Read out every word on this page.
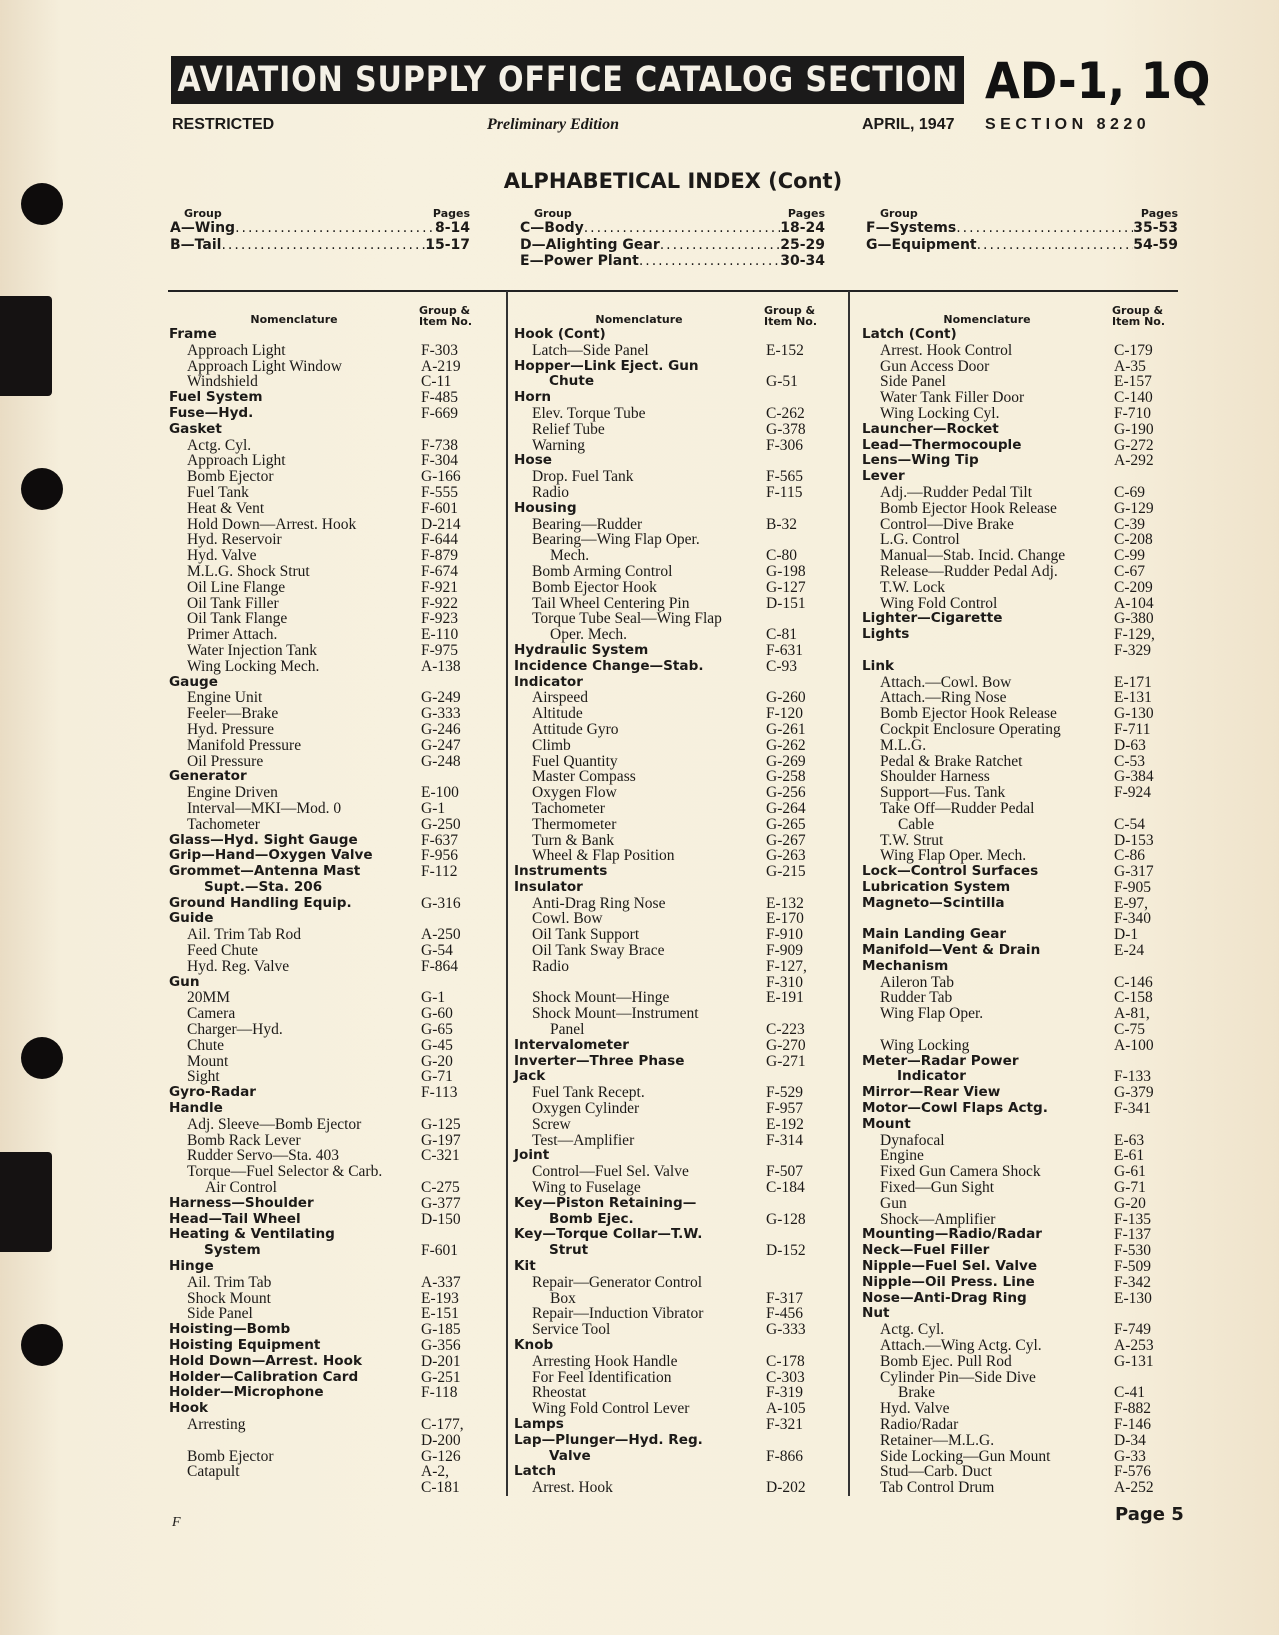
AVIATION SUPPLY OFFICE CATALOG SECTION AD-1, 1Q
RESTRICTED	Preliminary Edition	APRIL, 1947 SECTION 8220
ALPHABETICAL INDEX (Cont)
Group	Pages
A—Wing .....	8-14
B—Tail .....	15-17
Group	Pages
C—Body .....	18-24
D—Alighting Gear .....	25-29
E—Power Plant .....	30-34
Group	Pages
F—Systems .....	35-53
G—Equipment .....	54-59
Nomenclature
Group &
Item No.
Frame
Approach Light	F-303
Approach Light Window	A-219
Windshield	C-11
Fuel System	F-485
Fuse—Hyd.	F-669
Gasket
Actg. Cyl.	F-738
Approach Light	F-304
Bomb Ejector	G-166
Fuel Tank	F-555
Heat & Vent	F-601
Hold Down—Arrest. Hook	D-214
Hyd. Reservoir	F-644
Hyd. Valve	F-879
M.L.G. Shock Strut	F-674
Oil Line Flange	F-921
Oil Tank Filler	F-922
Oil Tank Flange	F-923
Primer Attach.	E-110
Water Injection Tank	F-975
Wing Locking Mech.	A-138
Gauge
Engine Unit	G-249
Feeler—Brake	G-333
Hyd. Pressure	G-246
Manifold Pressure	G-247
Oil Pressure	G-248
Generator
Engine Driven	E-100
Interval—MKI—Mod. 0	G-1
Tachometer	G-250
Glass—Hyd. Sight Gauge	F-637
Grip—Hand—Oxygen Valve	F-956
Grommet—Antenna Mast	F-112
Supt.—Sta. 206
Ground Handling Equip.	G-316
Guide
Ail. Trim Tab Rod	A-250
Feed Chute	G-54
Hyd. Reg. Valve	F-864
Gun
20MM	G-1
Camera	G-60
Charger—Hyd.	G-65
Chute	G-45
Mount	G-20
Sight	G-71
Gyro-Radar	F-113
Handle
Adj. Sleeve—Bomb Ejector	G-125
Bomb Rack Lever	G-197
Rudder Servo—Sta. 403	C-321
Torque—Fuel Selector & Carb.
Air Control	C-275
Harness—Shoulder	G-377
Head—Tail Wheel	D-150
Heating & Ventilating
System	F-601
Hinge
Ail. Trim Tab	A-337
Shock Mount	E-193
Side Panel	E-151
Hoisting—Bomb	G-185
Hoisting Equipment	G-356
Hold Down—Arrest. Hook	D-201
Holder—Calibration Card	G-251
Holder—Microphone	F-118
Hook
Arresting	C-177,
D-200
Bomb Ejector	G-126
Catapult	A-2,
C-181
Nomenclature
Group &
Item No.
Hook (Cont)
Latch—Side Panel	E-152
Hopper—Link Eject. Gun
Chute	G-51
Horn
Elev. Torque Tube	C-262
Relief Tube	G-378
Warning	F-306
Hose
Drop. Fuel Tank	F-565
Radio	F-115
Housing
Bearing—Rudder	B-32
Bearing—Wing Flap Oper.
Mech.	C-80
Bomb Arming Control	G-198
Bomb Ejector Hook	G-127
Tail Wheel Centering Pin	D-151
Torque Tube Seal—Wing Flap
Oper. Mech.	C-81
Hydraulic System	F-631
Incidence Change—Stab.	C-93
Indicator
Airspeed	G-260
Altitude	F-120
Attitude Gyro	G-261
Climb	G-262
Fuel Quantity	G-269
Master Compass	G-258
Oxygen Flow	G-256
Tachometer	G-264
Thermometer	G-265
Turn & Bank	G-267
Wheel & Flap Position	G-263
Instruments	G-215
Insulator
Anti-Drag Ring Nose	E-132
Cowl. Bow	E-170
Oil Tank Support	F-910
Oil Tank Sway Brace	F-909
Radio	F-127,
F-310
Shock Mount—Hinge	E-191
Shock Mount—Instrument
Panel	C-223
Intervalometer	G-270
Inverter—Three Phase	G-271
Jack
Fuel Tank Recept.	F-529
Oxygen Cylinder	F-957
Screw	E-192
Test—Amplifier	F-314
Joint
Control—Fuel Sel. Valve	F-507
Wing to Fuselage	C-184
Key—Piston Retaining—
Bomb Ejec.	G-128
Key—Torque Collar—T.W.
Strut	D-152
Kit
Repair—Generator Control
Box	F-317
Repair—Induction Vibrator	F-456
Service Tool	G-333
Knob
Arresting Hook Handle	C-178
For Feel Identification	C-303
Rheostat	F-319
Wing Fold Control Lever	A-105
Lamps	F-321
Lap—Plunger—Hyd. Reg.
Valve	F-866
Latch
Arrest. Hook	D-202
Nomenclature
Group &
Item No.
Latch (Cont)
Arrest. Hook Control	C-179
Gun Access Door	A-35
Side Panel	E-157
Water Tank Filler Door	C-140
Wing Locking Cyl.	F-710
Launcher—Rocket	G-190
Lead—Thermocouple	G-272
Lens—Wing Tip	A-292
Lever
Adj.—Rudder Pedal Tilt	C-69
Bomb Ejector Hook Release	G-129
Control—Dive Brake	C-39
L.G. Control	C-208
Manual—Stab. Incid. Change	C-99
Release—Rudder Pedal Adj.	C-67
T.W. Lock	C-209
Wing Fold Control	A-104
Lighter—Cigarette	G-380
Lights	F-129,
F-329
Link
Attach.—Cowl. Bow	E-171
Attach.—Ring Nose	E-131
Bomb Ejector Hook Release	G-130
Cockpit Enclosure Operating	F-711
M.L.G.	D-63
Pedal & Brake Ratchet	C-53
Shoulder Harness	G-384
Support—Fus. Tank	F-924
Take Off—Rudder Pedal
Cable	C-54
T.W. Strut	D-153
Wing Flap Oper. Mech.	C-86
Lock—Control Surfaces	G-317
Lubrication System	F-905
Magneto—Scintilla	E-97,
F-340
Main Landing Gear	D-1
Manifold—Vent & Drain	E-24
Mechanism
Aileron Tab	C-146
Rudder Tab	C-158
Wing Flap Oper.	A-81,
C-75
Wing Locking	A-100
Meter—Radar Power
Indicator	F-133
Mirror—Rear View	G-379
Motor—Cowl Flaps Actg.	F-341
Mount
Dynafocal	E-63
Engine	E-61
Fixed Gun Camera Shock	G-61
Fixed—Gun Sight	G-71
Gun	G-20
Shock—Amplifier	F-135
Mounting—Radio/Radar	F-137
Neck—Fuel Filler	F-530
Nipple—Fuel Sel. Valve	F-509
Nipple—Oil Press. Line	F-342
Nose—Anti-Drag Ring	E-130
Nut
Actg. Cyl.	F-749
Attach.—Wing Actg. Cyl.	A-253
Bomb Ejec. Pull Rod	G-131
Cylinder Pin—Side Dive
Brake	C-41
Hyd. Valve	F-882
Radio/Radar	F-146
Retainer—M.L.G.	D-34
Side Locking—Gun Mount	G-33
Stud—Carb. Duct	F-576
Tab Control Drum	A-252
F	Page 5
